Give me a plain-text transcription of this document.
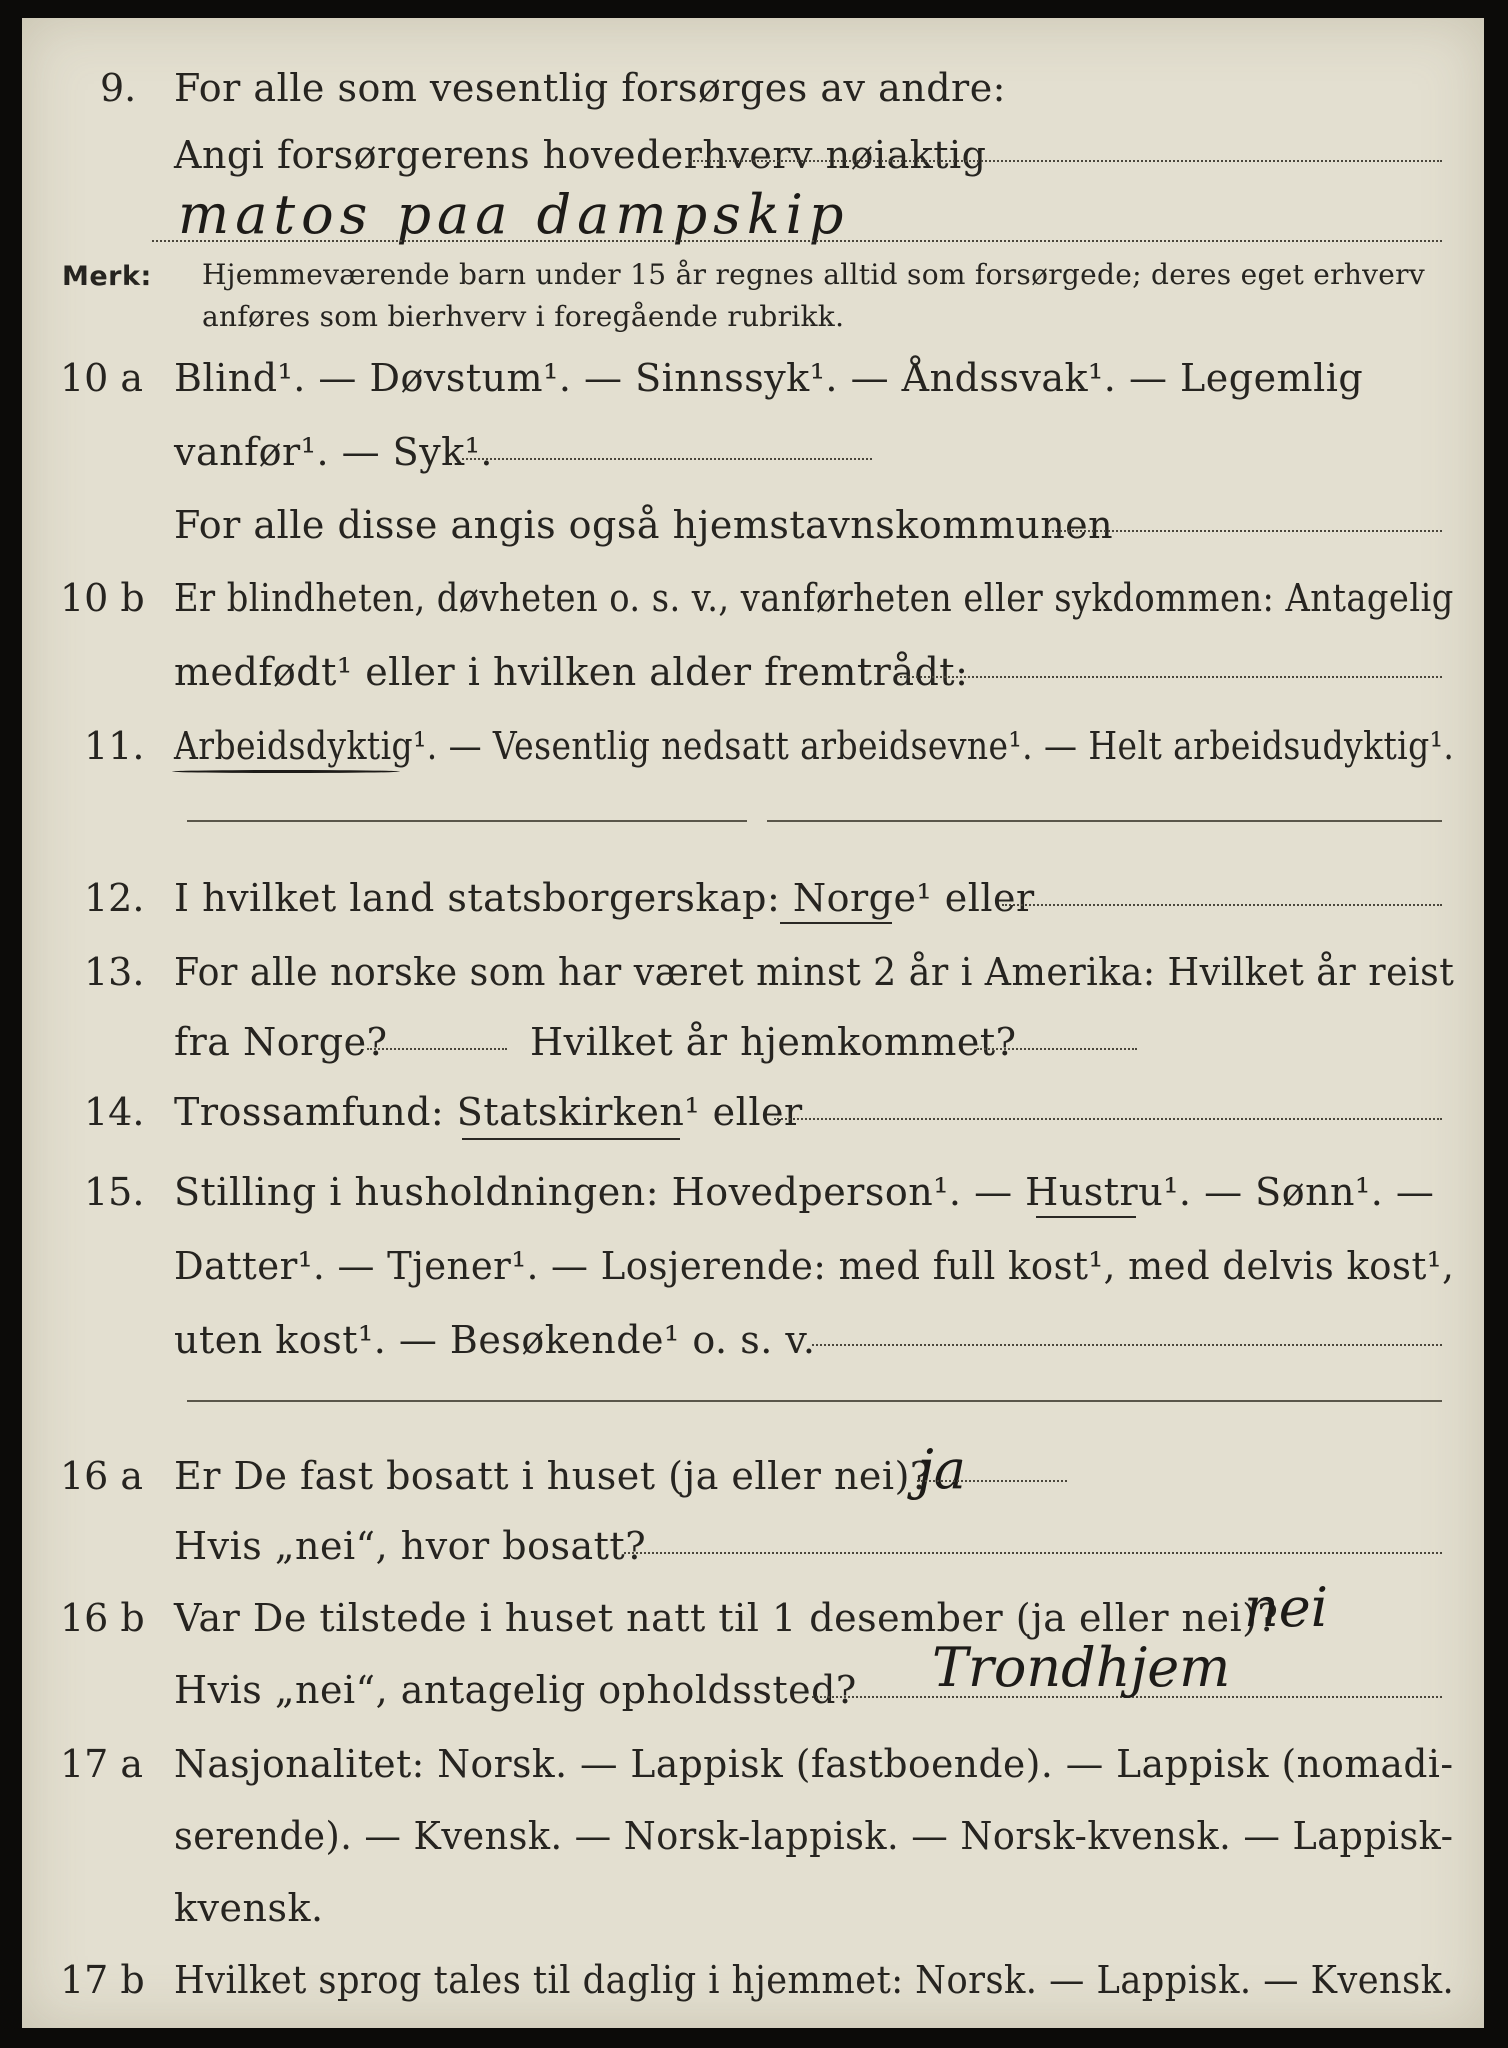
9. For alle som vesentlig forsørges av andre:
Angi forsørgerens hovederhverv nøiaktig
matos paa dampskip
Merk: Hjemmeværende barn under 15 år regnes alltid som forsørgede; deres eget erhverv
anføres som bierhverv i foregående rubrikk.
10 a Blind¹. — Døvstum¹. — Sinnssyk¹. — Åndssvak¹. — Legemlig
vanfør¹. — Syk¹.
For alle disse angis også hjemstavnskommunen
10 b Er blindheten, døvheten o. s. v., vanførheten eller sykdommen: Antagelig
medfødt¹ eller i hvilken alder fremtrådt:
11. Arbeidsdyktig¹. — Vesentlig nedsatt arbeidsevne¹. — Helt arbeidsudyktig¹.
12. I hvilket land statsborgerskap: Norge¹ eller
13. For alle norske som har været minst 2 år i Amerika: Hvilket år reist
fra Norge?	Hvilket år hjemkommet?
14. Trossamfund: Statskirken¹ eller
15. Stilling i husholdningen: Hovedperson¹. — Hustru¹. — Sønn¹. —
Datter¹. — Tjener¹. — Losjerende: med full kost¹, med delvis kost¹,
uten kost¹. — Besøkende¹ o. s. v.
16 a Er De fast bosatt i huset (ja eller nei)?
ja
Hvis „nei“, hvor bosatt?
16 b Var De tilstede i huset natt til 1 desember (ja eller nei)?
nei
Hvis „nei“, antagelig opholdssted? Trondhjem
17 a Nasjonalitet: Norsk. — Lappisk (fastboende). — Lappisk (nomadi-
serende). — Kvensk. — Norsk-lappisk. — Norsk-kvensk. — Lappisk-
kvensk.
17 b Hvilket sprog tales til daglig i hjemmet: Norsk. — Lappisk. — Kvensk.
